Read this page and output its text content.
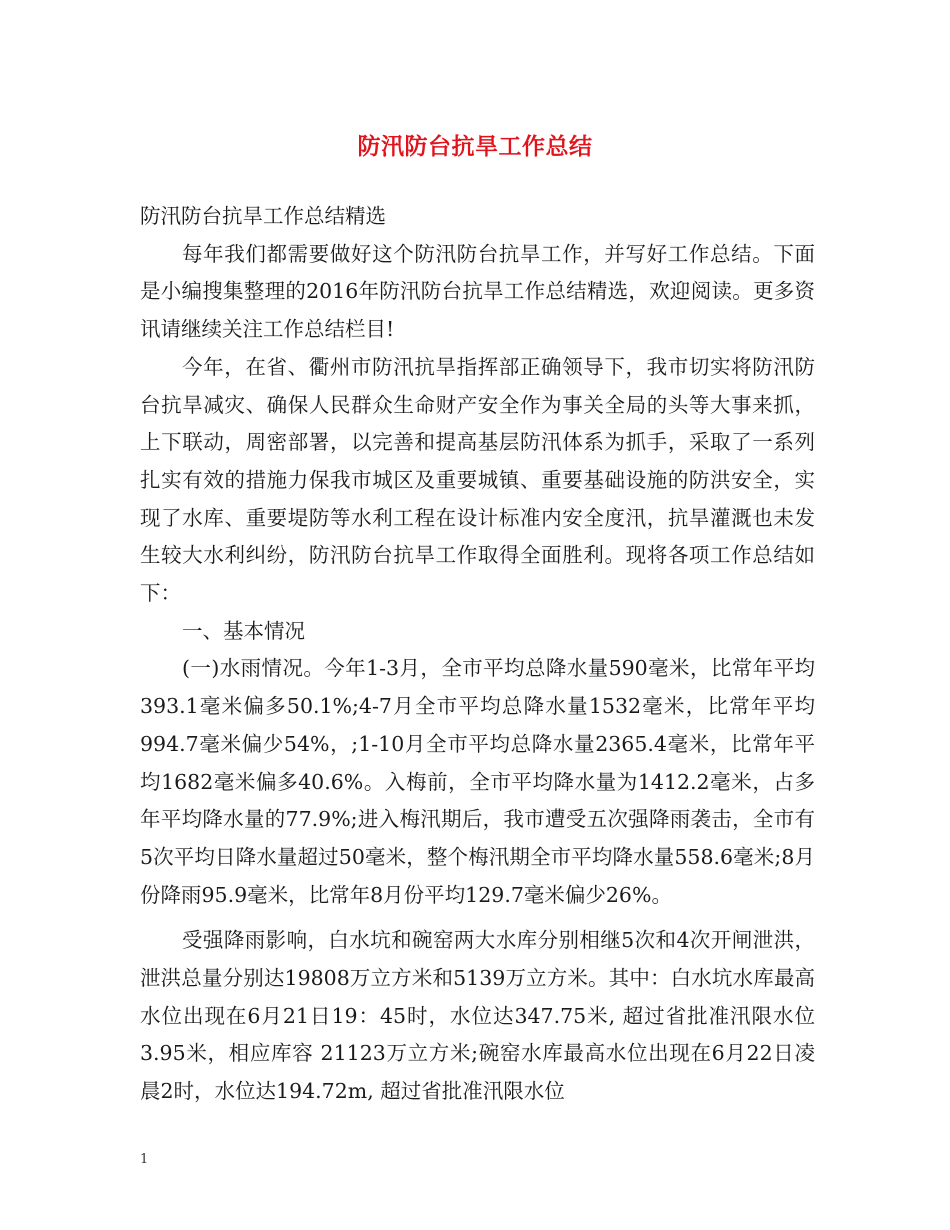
防汛防台抗旱工作总结

防汛防台抗旱工作总结精选

每年我们都需要做好这个防汛防台抗旱工作，并写好工作总结。下面是小编搜集整理的2016年防汛防台抗旱工作总结精选，欢迎阅读。更多资讯请继续关注工作总结栏目!

今年，在省、衢州市防汛抗旱指挥部正确领导下，我市切实将防汛防台抗旱减灾、确保人民群众生命财产安全作为事关全局的头等大事来抓，上下联动，周密部署，以完善和提高基层防汛体系为抓手，采取了一系列扎实有效的措施力保我市城区及重要城镇、重要基础设施的防洪安全，实现了水库、重要堤防等水利工程在设计标准内安全度汛，抗旱灌溉也未发生较大水利纠纷，防汛防台抗旱工作取得全面胜利。现将各项工作总结如下：

一、基本情况

(一)水雨情况。今年1-3月，全市平均总降水量590毫米，比常年平均393.1毫米偏多50.1%;4-7月全市平均总降水量1532毫米，比常年平均994.7毫米偏少54%，;1-10月全市平均总降水量2365.4毫米，比常年平均1682毫米偏多40.6%。入梅前，全市平均降水量为1412.2毫米，占多年平均降水量的77.9%;进入梅汛期后，我市遭受五次强降雨袭击，全市有5次平均日降水量超过50毫米，整个梅汛期全市平均降水量558.6毫米;8月份降雨95.9毫米，比常年8月份平均129.7毫米偏少26%。

受强降雨影响，白水坑和碗窑两大水库分别相继5次和4次开闸泄洪，泄洪总量分别达19808万立方米和5139万立方米。其中：白水坑水库最高水位出现在6月21日19：45时，水位达347.75米, 超过省批准汛限水位3.95米，相应库容 21123万立方米;碗窑水库最高水位出现在6月22日凌晨2时，水位达194.72m, 超过省批准汛限水位

1
